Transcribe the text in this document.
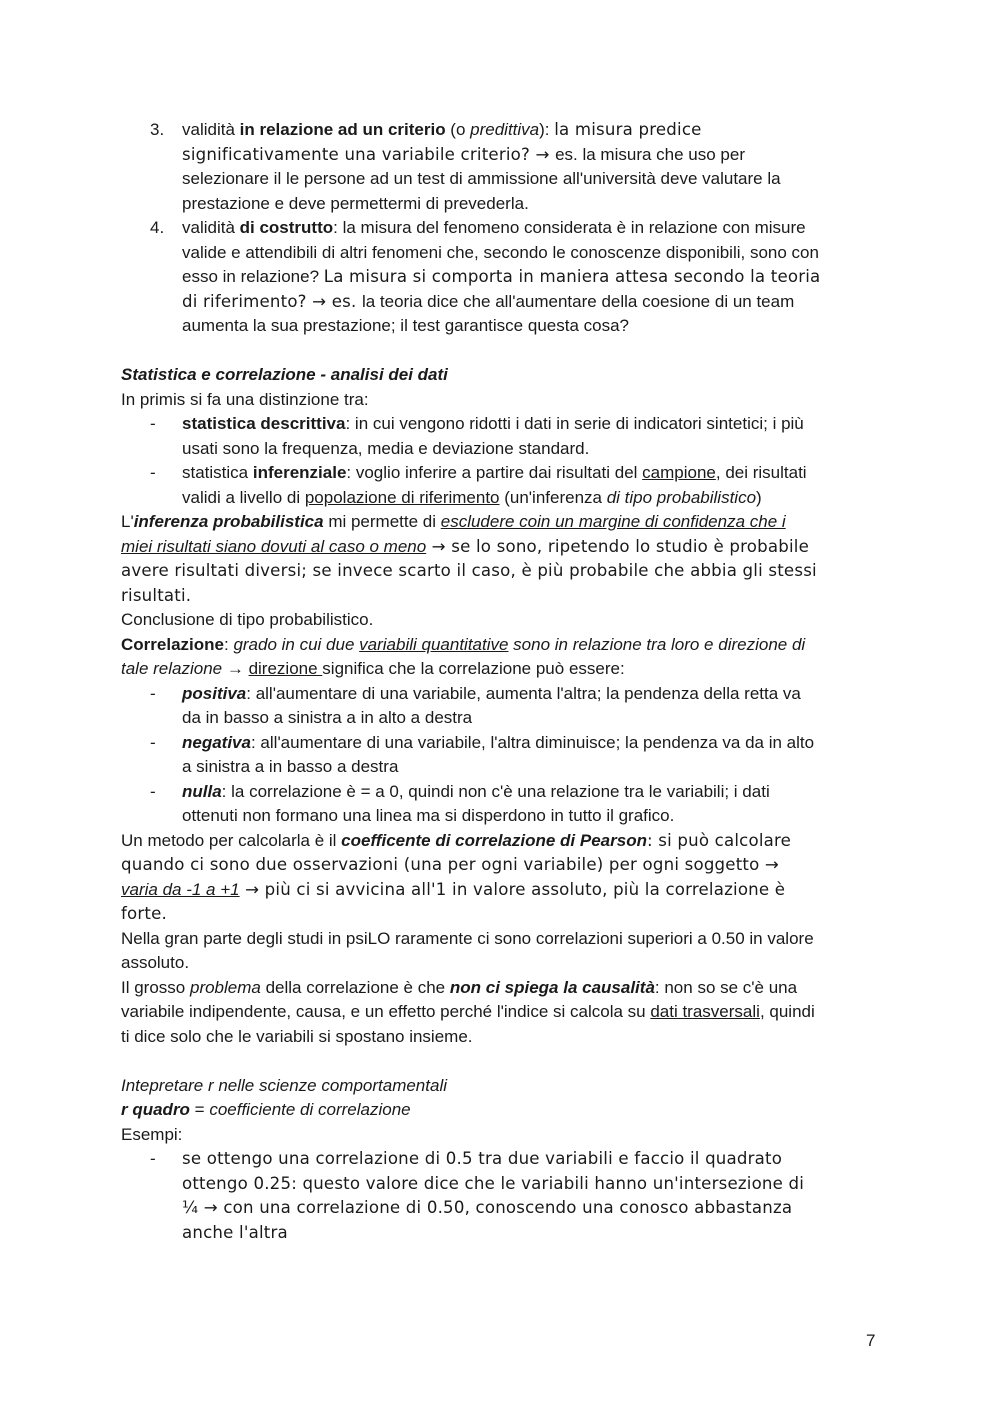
3.	validità in relazione ad un criterio (o predittiva): la misura predice
significativamente una variabile criterio? → es. la misura che uso per
selezionare il le persone ad un test di ammissione all'università deve valutare la
prestazione e deve permettermi di prevederla.
4.	validità di costrutto: la misura del fenomeno considerata è in relazione con misure
valide e attendibili di altri fenomeni che, secondo le conoscenze disponibili, sono con
esso in relazione? La misura si comporta in maniera attesa secondo la teoria
di riferimento? → es. la teoria dice che all'aumentare della coesione di un team
aumenta la sua prestazione; il test garantisce questa cosa?
Statistica e correlazione - analisi dei dati
In primis si fa una distinzione tra:
-	statistica descrittiva: in cui vengono ridotti i dati in serie di indicatori sintetici; i più
usati sono la frequenza, media e deviazione standard.
-	statistica inferenziale: voglio inferire a partire dai risultati del campione, dei risultati
validi a livello di popolazione di riferimento (un'inferenza di tipo probabilistico)
L'inferenza probabilistica mi permette di escludere coin un margine di confidenza che i
miei risultati siano dovuti al caso o meno → se lo sono, ripetendo lo studio è probabile
avere risultati diversi; se invece scarto il caso, è più probabile che abbia gli stessi
risultati.
Conclusione di tipo probabilistico.
Correlazione: grado in cui due variabili quantitative sono in relazione tra loro e direzione di
tale relazione → direzione significa che la correlazione può essere:
-	positiva: all'aumentare di una variabile, aumenta l'altra; la pendenza della retta va
da in basso a sinistra a in alto a destra
-	negativa: all'aumentare di una variabile, l'altra diminuisce; la pendenza va da in alto
a sinistra a in basso a destra
-	nulla: la correlazione è = a 0, quindi non c'è una relazione tra le variabili; i dati
ottenuti non formano una linea ma si disperdono in tutto il grafico.
Un metodo per calcolarla è il coefficente di correlazione di Pearson: si può calcolare
quando ci sono due osservazioni (una per ogni variabile) per ogni soggetto →
varia da -1 a +1 → più ci si avvicina all'1 in valore assoluto, più la correlazione è
forte.
Nella gran parte degli studi in psiLO raramente ci sono correlazioni superiori a 0.50 in valore
assoluto.
Il grosso problema della correlazione è che non ci spiega la causalità: non so se c'è una
variabile indipendente, causa, e un effetto perché l'indice si calcola su dati trasversali, quindi
ti dice solo che le variabili si spostano insieme.
Intepretare r nelle scienze comportamentali
r quadro = coefficiente di correlazione
Esempi:
-	se ottengo una correlazione di 0.5 tra due variabili e faccio il quadrato
ottengo 0.25: questo valore dice che le variabili hanno un'intersezione di
¼ → con una correlazione di 0.50, conoscendo una conosco abbastanza
anche l'altra
7
